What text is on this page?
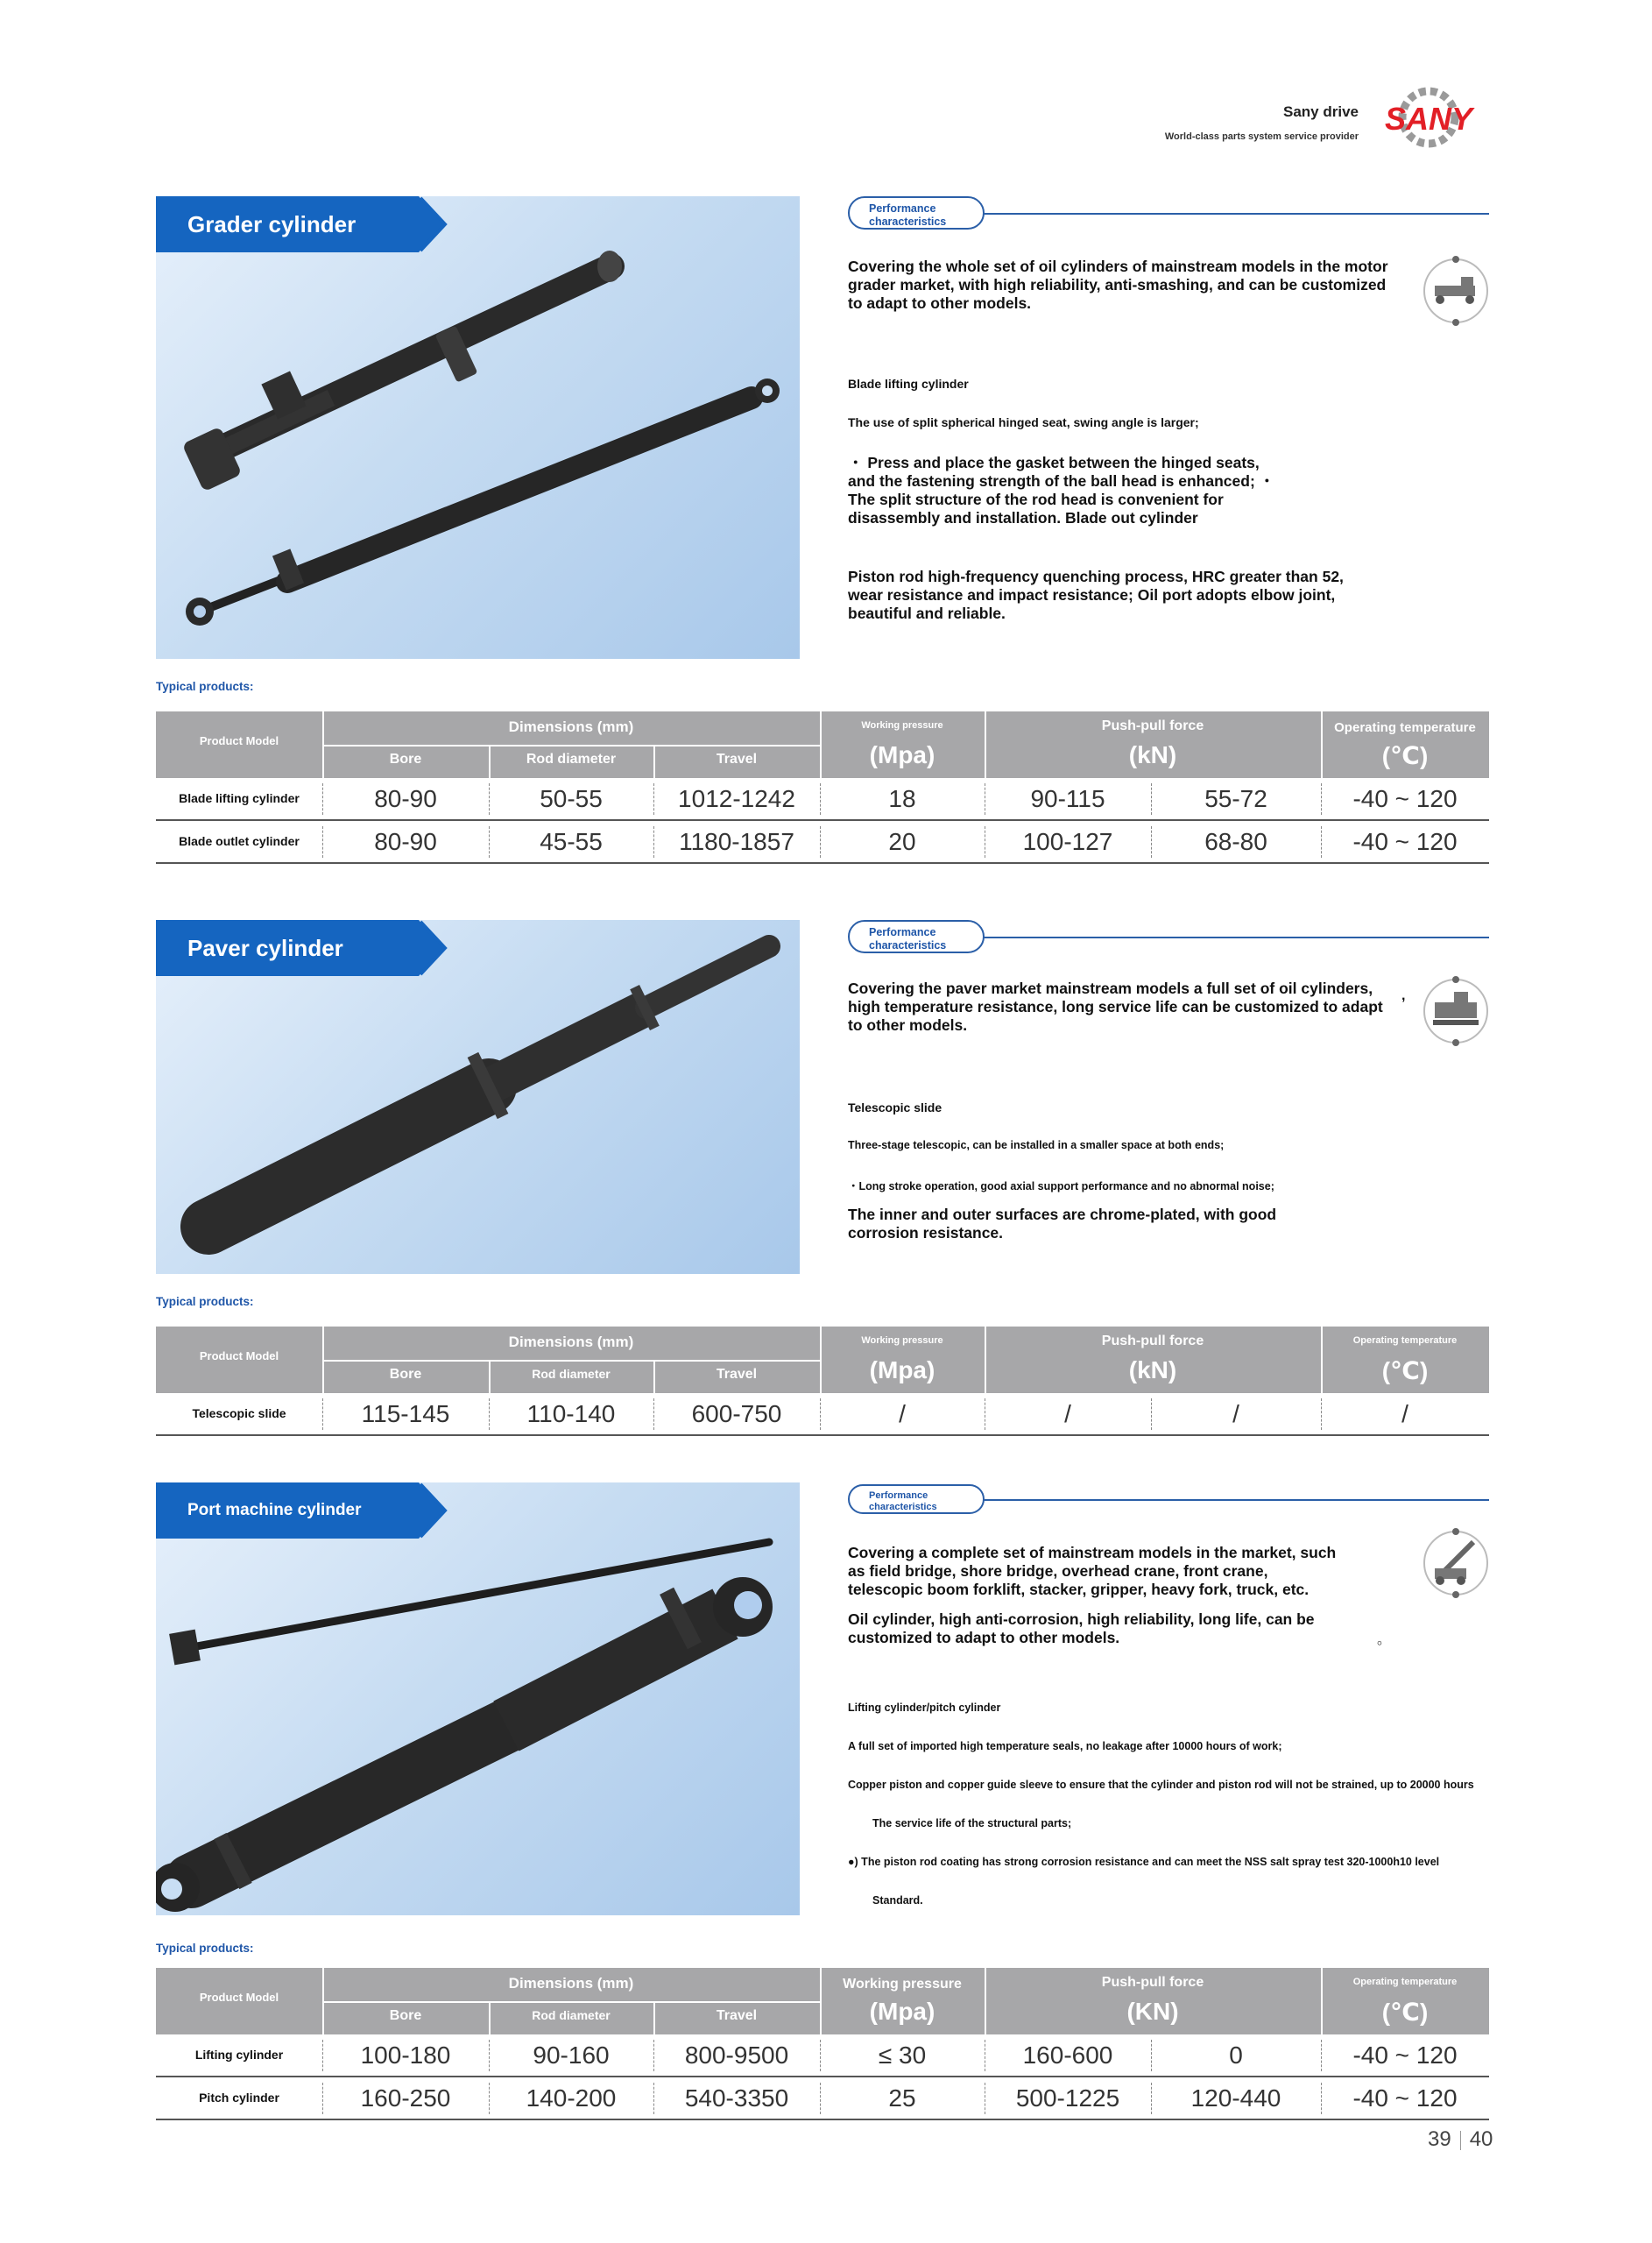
Sany drive
World-class parts system service provider SANY
Grader cylinder
Performance
characteristics
Covering the whole set of oil cylinders of mainstream models in the motor grader market, with high reliability, anti-smashing, and can be customized to adapt to other models.
Blade lifting cylinder
The use of split spherical hinged seat, swing angle is larger;
・ Press and place the gasket between the hinged seats, and the fastening strength of the ball head is enhanced; ・ The split structure of the rod head is convenient for disassembly and installation. Blade out cylinder
Piston rod high-frequency quenching process, HRC greater than 52, wear resistance and impact resistance; Oil port adopts elbow joint, beautiful and reliable.
Typical products:
Product Model
Dimensions (mm)
Bore	Rod diameter	Travel
Working pressure
(Mpa)
Push-pull force
(kN)
Operating temperature
(℃)
Blade lifting cylinder	80-90	50-55	1012-1242	18	90-115	55-72	-40 ~ 120
Blade outlet cylinder	80-90	45-55	1180-1857	20	100-127	68-80	-40 ~ 120
Paver cylinder
Performance
characteristics
Covering the paver market mainstream models a full set of oil cylinders, high temperature resistance, long service life can be customized to adapt to other models.
,
Telescopic slide
Three-stage telescopic, can be installed in a smaller space at both ends;
・Long stroke operation, good axial support performance and no abnormal noise;
The inner and outer surfaces are chrome-plated, with good corrosion resistance.
Typical products:
Product Model
Dimensions (mm)
Bore	Rod diameter	Travel
Working pressure
(Mpa)
Push-pull force
(kN)
Operating temperature
(℃)
Telescopic slide	115-145	110-140	600-750	/	/	/	/
Port machine cylinder
Performance
characteristics
Covering a complete set of mainstream models in the market, such as field bridge, shore bridge, overhead crane, front crane, telescopic boom forklift, stacker, gripper, heavy fork, truck, etc.
Oil cylinder, high anti-corrosion, high reliability, long life, can be customized to adapt to other models.	。
Lifting cylinder/pitch cylinder
A full set of imported high temperature seals, no leakage after 10000 hours of work;
Copper piston and copper guide sleeve to ensure that the cylinder and piston rod will not be strained, up to 20000 hours
The service life of the structural parts;
●) The piston rod coating has strong corrosion resistance and can meet the NSS salt spray test 320-1000h10 level
Standard.
Typical products:
Product Model
Dimensions (mm)
Bore	Rod diameter	Travel
Working pressure
(Mpa)
Push-pull force
(KN)
Operating temperature
(℃)
Lifting cylinder	100-180	90-160	800-9500	≤ 30	160-600	0	-40 ~ 120
Pitch cylinder	160-250	140-200	540-3350	25	500-1225	120-440	-40 ~ 120
39 40
